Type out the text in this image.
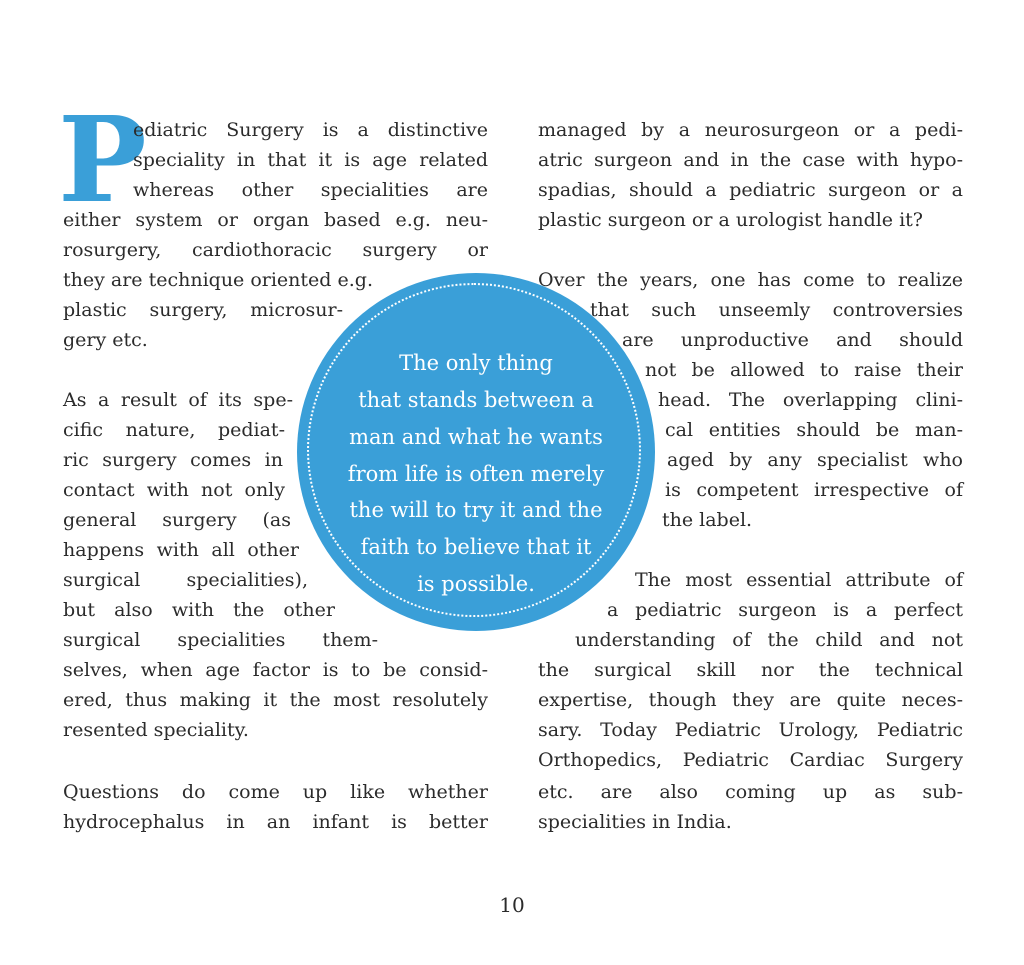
P
ediatric Surgery is a distinctive
speciality in that it is age related
whereas other specialities are
either system or organ based e.g. neu-
rosurgery, cardiothoracic surgery or
they are technique oriented e.g.
plastic surgery, microsur-
gery etc.
As a result of its spe-
cific nature, pediat-
ric surgery comes in
contact with not only
general surgery (as
happens with all other
surgical specialities),
but also with the other
surgical specialities them-
selves, when age factor is to be consid-
ered, thus making it the most resolutely
resented speciality.
Questions do come up like whether
hydrocephalus in an infant is better
managed by a neurosurgeon or a pedi-
atric surgeon and in the case with hypo-
spadias, should a pediatric surgeon or a
plastic surgeon or a urologist handle it?
Over the years, one has come to realize
that such unseemly controversies
are unproductive and should
not be allowed to raise their
head. The overlapping clini-
cal entities should be man-
aged by any specialist who
is competent irrespective of
the label.
The most essential attribute of
a pediatric surgeon is a perfect
understanding of the child and not
the surgical skill nor the technical
expertise, though they are quite neces-
sary. Today Pediatric Urology, Pediatric
Orthopedics, Pediatric Cardiac Surgery
etc. are also coming up as sub-
specialities in India.
The only thing
that stands between a
man and what he wants
from life is often merely
the will to try it and the
faith to believe that it
is possible.
10
